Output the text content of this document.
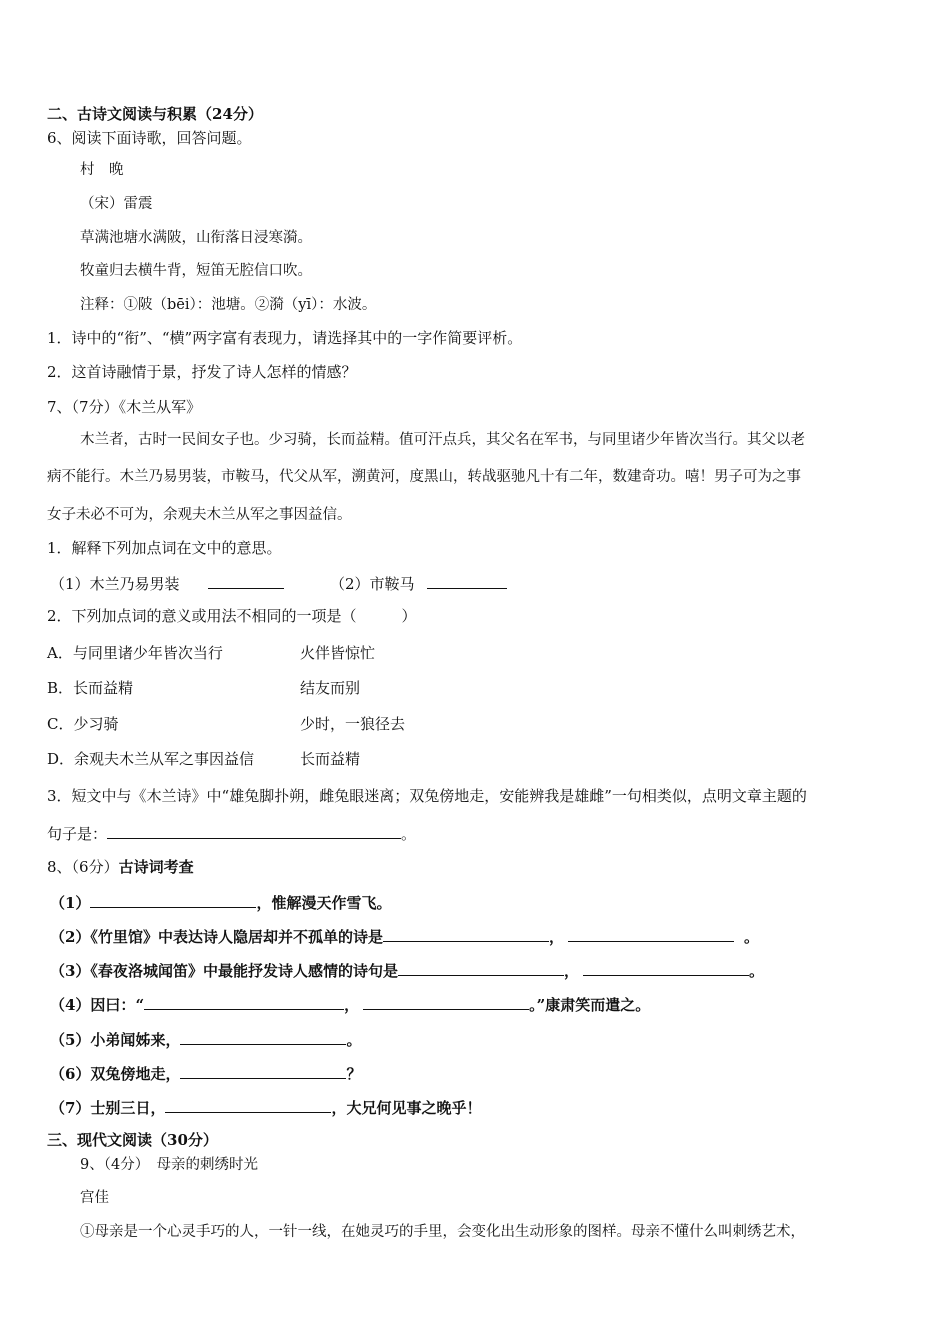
二、古诗文阅读与积累（24分）
6、阅读下面诗歌，回答问题。
村　晚
（宋）雷震
草满池塘水满陂，山衔落日浸寒漪。
牧童归去横牛背，短笛无腔信口吹。
注释：①陂（bēi）：池塘。②漪（yī）：水波。
1．诗中的“衔”、“横”两字富有表现力，请选择其中的一字作简要评析。
2．这首诗融情于景，抒发了诗人怎样的情感？
7、（7分）《木兰从军》
木兰者，古时一民间女子也。少习骑，长而益精。值可汗点兵，其父名在军书，与同里诸少年皆次当行。其父以老
病不能行。木兰乃易男装，市鞍马，代父从军，溯黄河，度黑山，转战驱驰凡十有二年，数建奇功。嘻！男子可为之事
女子未必不可为，余观夫木兰从军之事因益信。
1．解释下列加点词在文中的意思。
（1）木兰乃易男装	（2）市鞍马
2．下列加点词的意义或用法不相同的一项是（　　　）
A．与同里诸少年皆次当行	火伴皆惊忙
B．长而益精	结友而别
C．少习骑	少时，一狼径去
D．余观夫木兰从军之事因益信	长而益精
3．短文中与《木兰诗》中“雄兔脚扑朔，雌兔眼迷离；双兔傍地走，安能辨我是雄雌”一句相类似，点明文章主题的
句子是：	。
8、（6分）古诗词考查
（1）	，惟解漫天作雪飞。
（2）《竹里馆》中表达诗人隐居却并不孤单的诗是	，	。
（3）《春夜洛城闻笛》中最能抒发诗人感情的诗句是	，	。
（4）因曰：“	，	。”康肃笑而遣之。
（5）小弟闻姊来，	。
（6）双兔傍地走，	？
（7）士别三日，	，大兄何见事之晚乎！
三、现代文阅读（30分）
9、（4分）　母亲的刺绣时光
宫佳
①母亲是一个心灵手巧的人，一针一线，在她灵巧的手里，会变化出生动形象的图样。母亲不懂什么叫刺绣艺术，
